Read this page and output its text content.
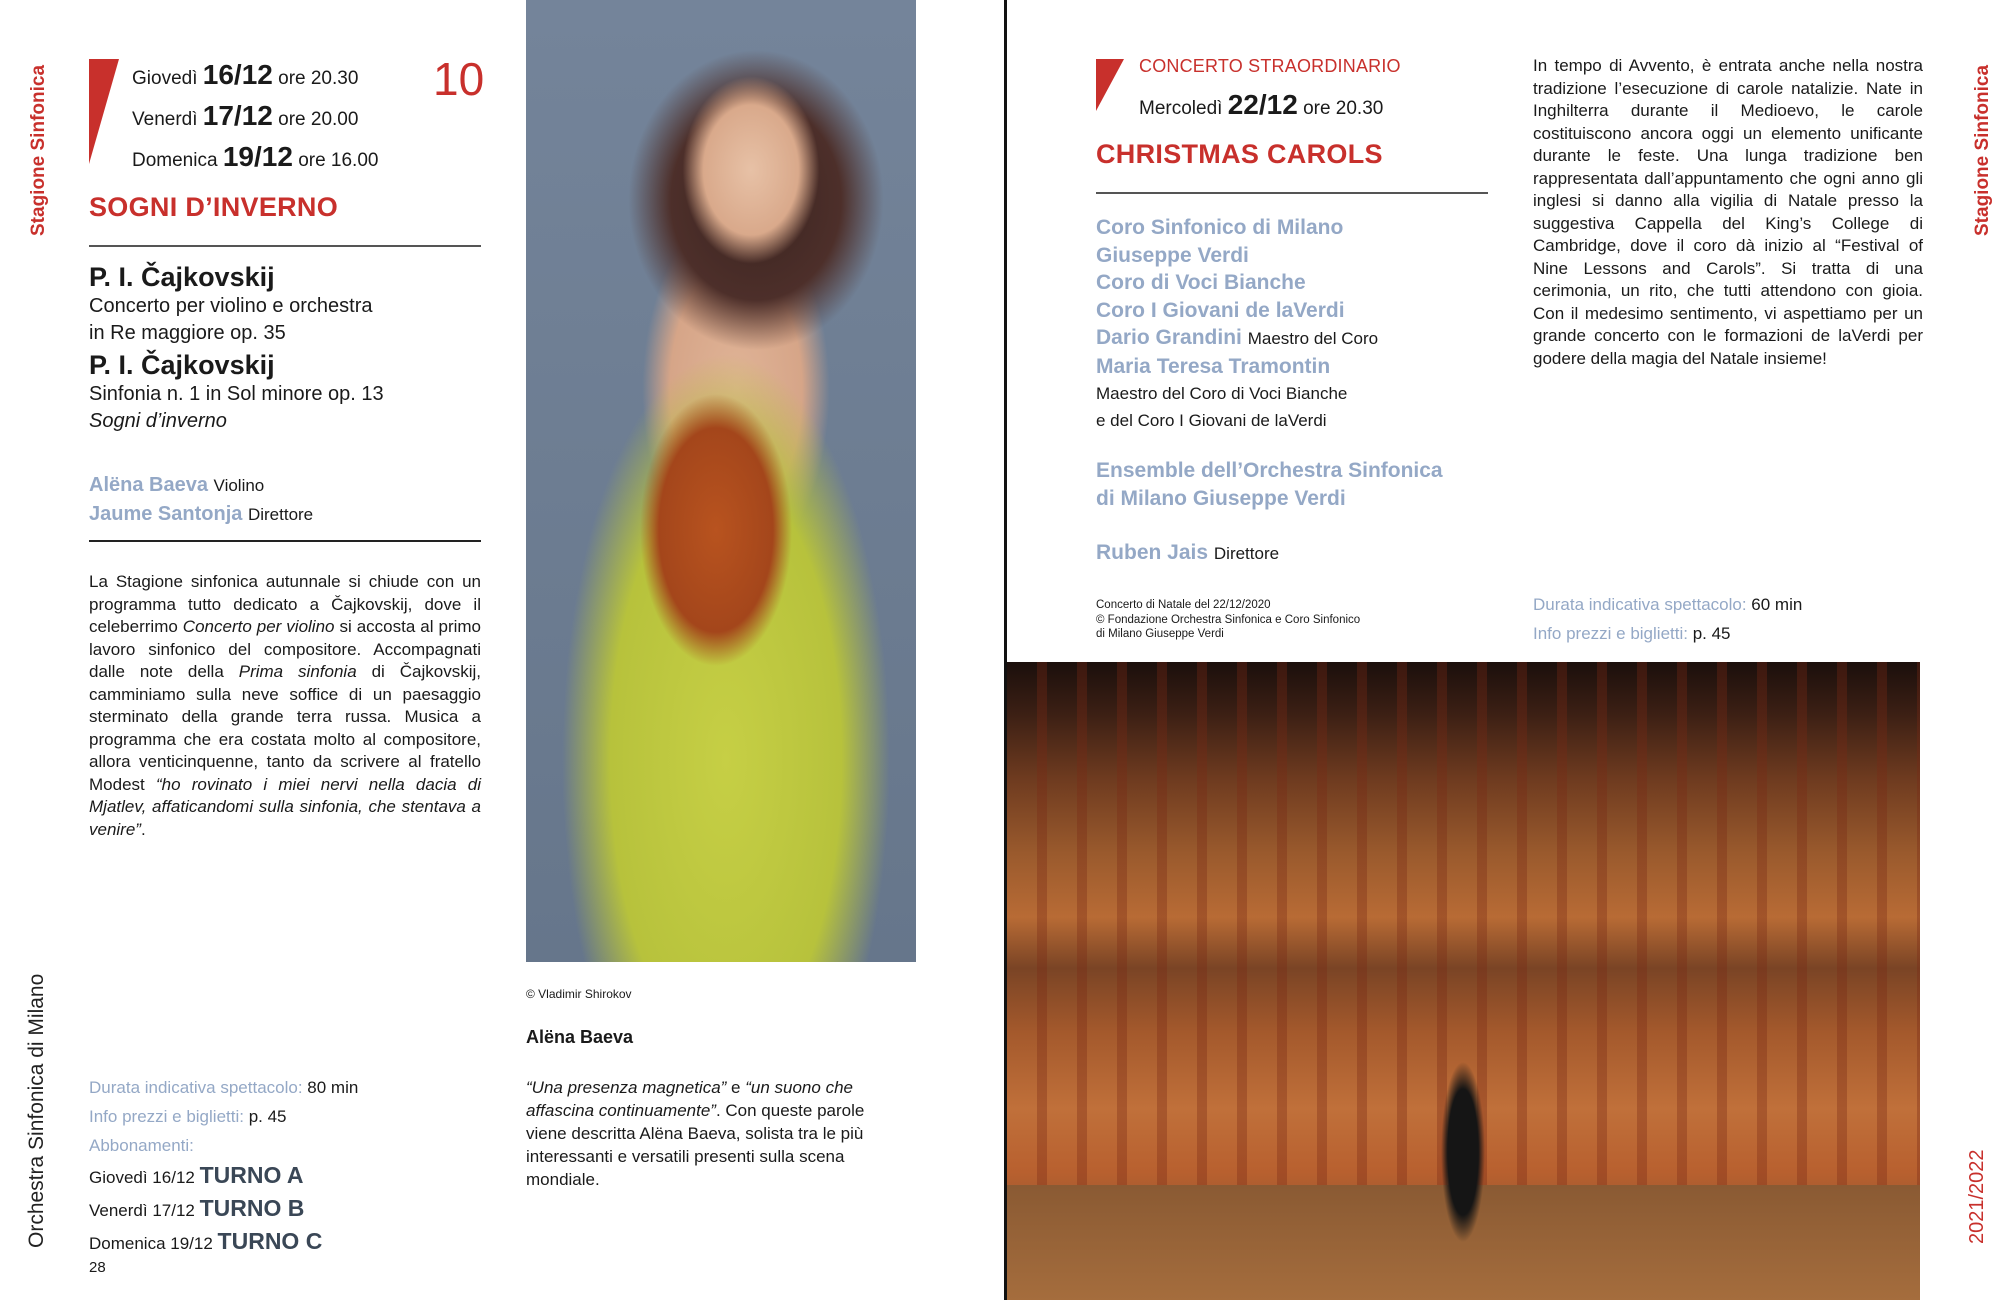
Stagione Sinfonica
Orchestra Sinfonica di Milano
Giovedì 16/12 ore 20.30
Venerdì 17/12 ore 20.00
Domenica 19/12 ore 16.00
10
SOGNI D’INVERNO
P. I. Čajkovskij
Concerto per violino e orchestra
in Re maggiore op. 35
P. I. Čajkovskij
Sinfonia n. 1 in Sol minore op. 13
Sogni d’inverno
Alëna Baeva Violino
Jaume Santonja Direttore
La Stagione sinfonica autunnale si chiude con un programma tutto dedicato a Čajkovskij, dove il celeberrimo Concerto per violino si accosta al primo lavoro sinfonico del compositore. Accompagnati dalle note della Prima sinfonia di Čajkovskij, camminiamo sulla neve soffice di un paesaggio sterminato della grande terra russa. Musica a programma che era costata molto al compositore, allora venticinquenne, tanto da scrivere al fratello Modest “ho rovinato i miei nervi nella dacia di Mjatlev, affaticandomi sulla sinfonia, che stentava a venire”.
Durata indicativa spettacolo: 80 min
Info prezzi e biglietti: p. 45
Abbonamenti:
Giovedì 16/12 TURNO A
Venerdì 17/12 TURNO B
Domenica 19/12 TURNO C
28
© Vladimir Shirokov
Alëna Baeva
“Una presenza magnetica” e “un suono che affascina continuamente”. Con queste parole viene descritta Alëna Baeva, solista tra le più interessanti e versatili presenti sulla scena mondiale.
CONCERTO STRAORDINARIO
Mercoledì 22/12 ore 20.30
CHRISTMAS CAROLS
Coro Sinfonico di Milano
Giuseppe Verdi
Coro di Voci Bianche
Coro I Giovani de laVerdi
Dario Grandini Maestro del Coro
Maria Teresa Tramontin
Maestro del Coro di Voci Bianche
e del Coro I Giovani de laVerdi
Ensemble dell’Orchestra Sinfonica
di Milano Giuseppe Verdi
Ruben Jais Direttore
Concerto di Natale del 22/12/2020
© Fondazione Orchestra Sinfonica e Coro Sinfonico
di Milano Giuseppe Verdi
In tempo di Avvento, è entrata anche nella nostra tradizione l’esecuzione di carole natalizie. Nate in Inghilterra durante il Medioevo, le carole costituiscono ancora oggi un elemento unificante durante le feste. Una lunga tradizione ben rappresentata dall’appuntamento che ogni anno gli inglesi si danno alla vigilia di Natale presso la suggestiva Cappella del King’s College di Cambridge, dove il coro dà inizio al “Festival of Nine Lessons and Carols”. Si tratta di una cerimonia, un rito, che tutti attendono con gioia. Con il medesimo sentimento, vi aspettiamo per un grande concerto con le formazioni de laVerdi per godere della magia del Natale insieme!
Durata indicativa spettacolo: 60 min
Info prezzi e biglietti: p. 45
Stagione Sinfonica
2021/2022
